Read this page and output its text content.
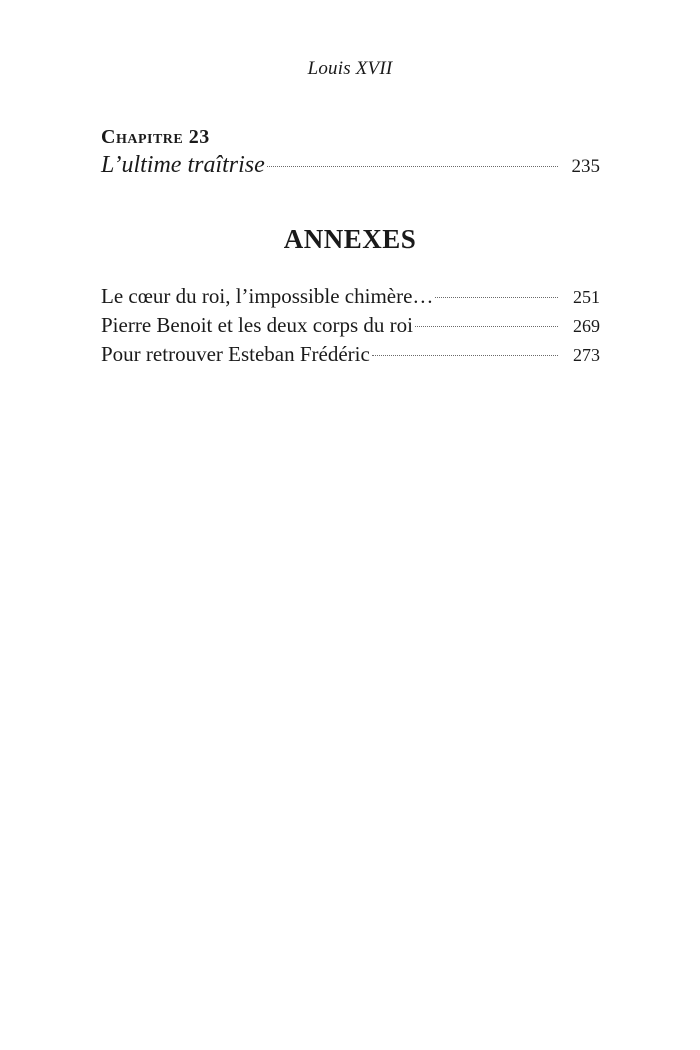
Louis XVII
Chapitre 23
L’ultime traîtrise	235
ANNEXES
Le cœur du roi, l’impossible chimère…	251
Pierre Benoit et les deux corps du roi	269
Pour retrouver Esteban Frédéric	273
